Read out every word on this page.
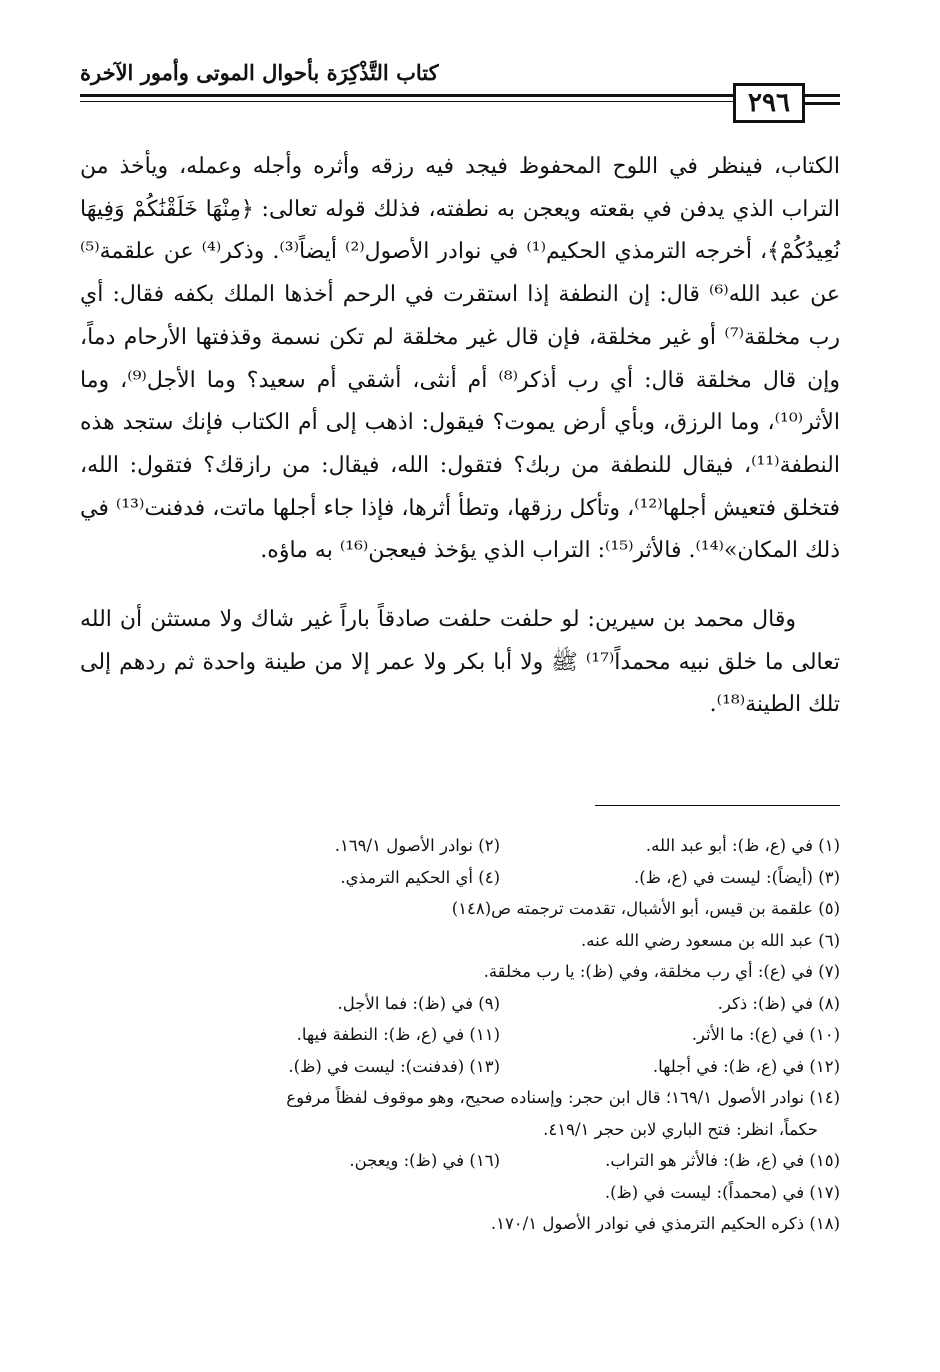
كتاب التَّذْكِرَة بأحوال الموتى وأمور الآخرة
٢٩٦

الكتاب، فينظر في اللوح المحفوظ فيجد فيه رزقه وأثره وأجله وعمله، ويأخذ من التراب الذي يدفن في بقعته ويعجن به نطفته، فذلك قوله تعالى: ﴿مِنْهَا خَلَقْنَٰكُمْ وَفِيهَا نُعِيدُكُمْ﴾، أخرجه الترمذي الحكيم⁽¹⁾ في نوادر الأصول⁽²⁾ أيضاً⁽³⁾. وذكر⁽⁴⁾ عن علقمة⁽⁵⁾ عن عبد الله⁽⁶⁾ قال: إن النطفة إذا استقرت في الرحم أخذها الملك بكفه فقال: أي رب مخلقة⁽⁷⁾ أو غير مخلقة، فإن قال غير مخلقة لم تكن نسمة وقذفتها الأرحام دماً، وإن قال مخلقة قال: أي رب أذكر⁽⁸⁾ أم أنثى، أشقي أم سعيد؟ وما الأجل⁽⁹⁾، وما الأثر⁽¹⁰⁾، وما الرزق، وبأي أرض يموت؟ فيقول: اذهب إلى أم الكتاب فإنك ستجد هذه النطفة⁽¹¹⁾، فيقال للنطفة من ربك؟ فتقول: الله، فيقال: من رازقك؟ فتقول: الله، فتخلق فتعيش أجلها⁽¹²⁾، وتأكل رزقها، وتطأ أثرها، فإذا جاء أجلها ماتت، فدفنت⁽¹³⁾ في ذلك المكان»⁽¹⁴⁾. فالأثر⁽¹⁵⁾: التراب الذي يؤخذ فيعجن⁽¹⁶⁾ به ماؤه.

وقال محمد بن سيرين: لو حلفت حلفت صادقاً باراً غير شاك ولا مستثن أن الله تعالى ما خلق نبيه محمداً⁽¹⁷⁾ ﷺ ولا أبا بكر ولا عمر إلا من طينة واحدة ثم ردهم إلى تلك الطينة⁽¹⁸⁾.

(١) في (ع، ظ): أبو عبد الله.
(٢) نوادر الأصول ١٦٩/١.
(٣) (أيضاً): ليست في (ع، ظ).
(٤) أي الحكيم الترمذي.
(٥) علقمة بن قيس، أبو الأشبال، تقدمت ترجمته ص(١٤٨)
(٦) عبد الله بن مسعود رضي الله عنه.
(٧) في (ع): أي رب مخلقة، وفي (ظ): يا رب مخلقة.
(٨) في (ظ): ذكر.
(٩) في (ظ): فما الأجل.
(١٠) في (ع): ما الأثر.
(١١) في (ع، ظ): النطفة فيها.
(١٢) في (ع، ظ): في أجلها.
(١٣) (فدفنت): ليست في (ظ).
(١٤) نوادر الأصول ١٦٩/١؛ قال ابن حجر: وإسناده صحيح، وهو موقوف لفظاً مرفوع
حكماً، انظر: فتح الباري لابن حجر ٤١٩/١.
(١٥) في (ع، ظ): فالأثر هو التراب.
(١٦) في (ظ): ويعجن.
(١٧) في (محمداً): ليست في (ظ).
(١٨) ذكره الحكيم الترمذي في نوادر الأصول ١٧٠/١.
